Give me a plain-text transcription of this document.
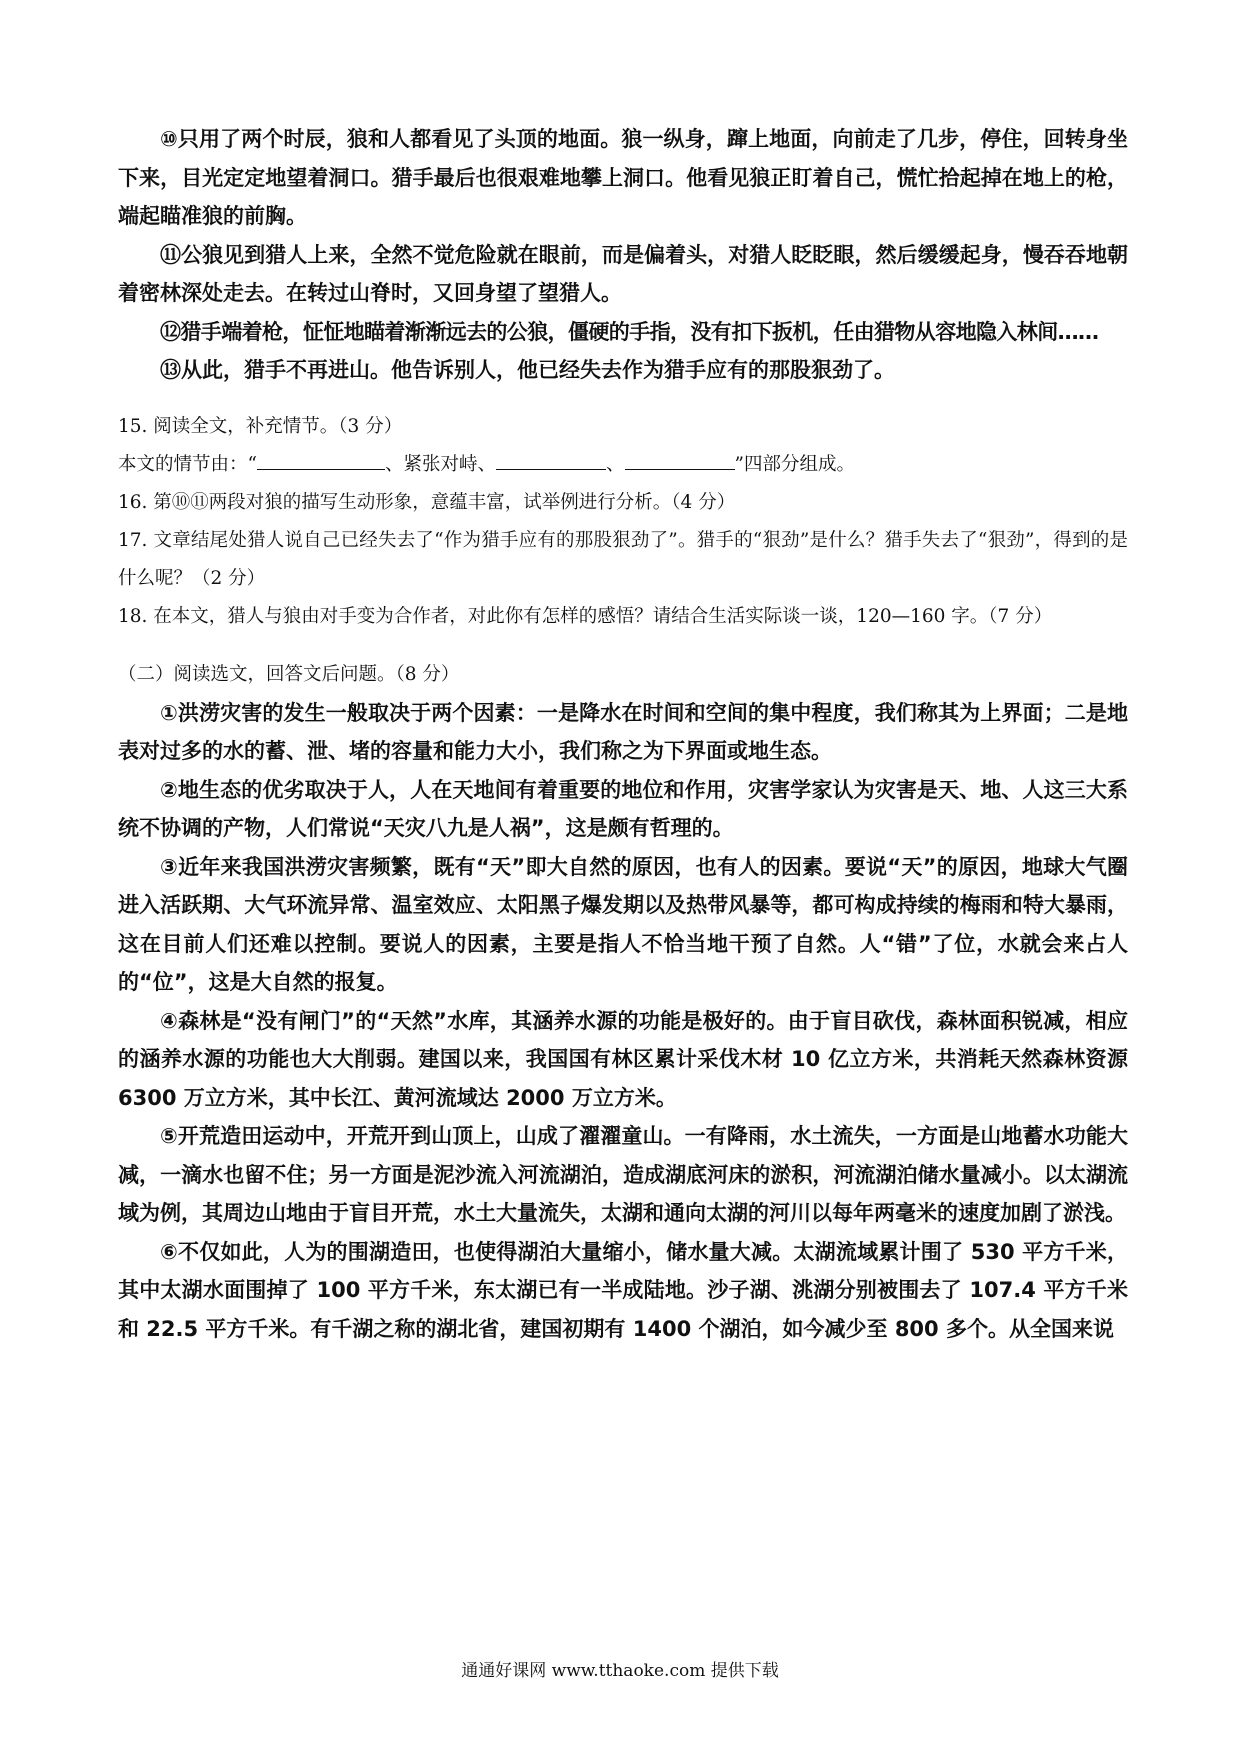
⑩只用了两个时辰，狼和人都看见了头顶的地面。狼一纵身，蹿上地面，向前走了几步，停住，回转身坐下来，目光定定地望着洞口。猎手最后也很艰难地攀上洞口。他看见狼正盯着自己，慌忙拾起掉在地上的枪，端起瞄准狼的前胸。

⑪公狼见到猎人上来，全然不觉危险就在眼前，而是偏着头，对猎人眨眨眼，然后缓缓起身，慢吞吞地朝着密林深处走去。在转过山脊时，又回身望了望猎人。

⑫猎手端着枪，怔怔地瞄着渐渐远去的公狼，僵硬的手指，没有扣下扳机，任由猎物从容地隐入林间……

⑬从此，猎手不再进山。他告诉别人，他已经失去作为猎手应有的那股狠劲了。

15. 阅读全文，补充情节。（3 分）

本文的情节由：“	、紧张对峙、	、	”四部分组成。

16. 第⑩⑪两段对狼的描写生动形象，意蕴丰富，试举例进行分析。（4 分）

17. 文章结尾处猎人说自己已经失去了“作为猎手应有的那股狠劲了”。猎手的“狠劲”是什么？猎手失去了“狠劲”，得到的是什么呢？（2 分）

18. 在本文，猎人与狼由对手变为合作者，对此你有怎样的感悟？请结合生活实际谈一谈，120—160 字。（7 分）

（二）阅读选文，回答文后问题。（8 分）

①洪涝灾害的发生一般取决于两个因素：一是降水在时间和空间的集中程度，我们称其为上界面；二是地表对过多的水的蓄、泄、堵的容量和能力大小，我们称之为下界面或地生态。

②地生态的优劣取决于人，人在天地间有着重要的地位和作用，灾害学家认为灾害是天、地、人这三大系统不协调的产物，人们常说“天灾八九是人祸”，这是颇有哲理的。

③近年来我国洪涝灾害频繁，既有“天”即大自然的原因，也有人的因素。要说“天”的原因，地球大气圈进入活跃期、大气环流异常、温室效应、太阳黑子爆发期以及热带风暴等，都可构成持续的梅雨和特大暴雨，这在目前人们还难以控制。要说人的因素，主要是指人不恰当地干预了自然。人“错”了位，水就会来占人的“位”，这是大自然的报复。

④森林是“没有闸门”的“天然”水库，其涵养水源的功能是极好的。由于盲目砍伐，森林面积锐减，相应的涵养水源的功能也大大削弱。建国以来，我国国有林区累计采伐木材 10 亿立方米，共消耗天然森林资源 6300 万立方米，其中长江、黄河流域达 2000 万立方米。

⑤开荒造田运动中，开荒开到山顶上，山成了濯濯童山。一有降雨，水土流失，一方面是山地蓄水功能大减，一滴水也留不住；另一方面是泥沙流入河流湖泊，造成湖底河床的淤积，河流湖泊储水量减小。以太湖流域为例，其周边山地由于盲目开荒，水土大量流失，太湖和通向太湖的河川以每年两毫米的速度加剧了淤浅。

⑥不仅如此，人为的围湖造田，也使得湖泊大量缩小，储水量大减。太湖流域累计围了 530 平方千米，其中太湖水面围掉了 100 平方千米，东太湖已有一半成陆地。沙子湖、洮湖分别被围去了 107.4 平方千米和 22.5 平方千米。有千湖之称的湖北省，建国初期有 1400 个湖泊，如今减少至 800 多个。从全国来说

通通好课网 www.tthaoke.com 提供下载
